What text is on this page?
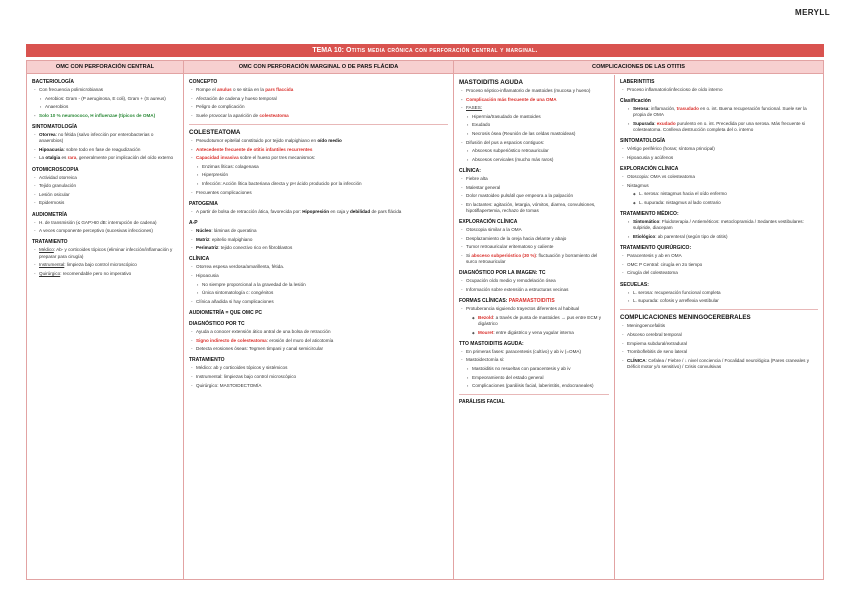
MERYLL
TEMA 10: Otitis media crónica con perforación central y marginal.
OMC CON PERFORACIÓN CENTRAL	OMC CON PERFORACIÓN MARGINAL O DE PARS FLÁCIDA	COMPLICACIONES DE LAS OTITIS
BACTERIOLOGÍA
- Con frecuencia polimicrobianas
▪ Aerobios: Gram - (P aeruginosa, E coli), Gram + (S aureus)
▪ Anaerobios
- Solo 10 % neumococo, H influenzae (típicos de OMA)
SINTOMATOLOGÍA
- Otorrea: no fétida (salvo infección por enterobacterias o anaerobios)
- Hipoacusia: sobre todo en fase de reagudización
- La otalgia es rara, generalmente por implicación del oído externo
OTOMICROSCOPIA
- Actividad otorreica
- Tejido granulación
- Lesión osicular
- Epidermosis
AUDIOMETRÍA
- H. de transmisión (≤ GAP>60 dB: interrupción de cadena)
- A veces componente perceptivo (sucesivas infecciones)
TRATAMIENTO
- Médico: Ab- y corticoides tópicos (eliminar infección/inflamación y preparar para cirugía)
- Instrumental: limpieza bajo control microscópico
- Quirúrgico: recomendable pero no imperativo
CONCEPTO
- Rompe el anulus o se sitúa en la pars flaccida
- Afectación de cadena y hueso temporal
- Peligro de complicación
- Suele provocar la aparición de colesteatoma
COLESTEATOMA
- Pseudotumor epitelial constituido por tejido malpighiano en oído medio
- Antecedente frecuente de otitis infantiles recurrentes
- Capacidad invasiva sobre el hueso por tres mecanismos:
▪ Enzimas líticas: colagenasa
▪ Hiperpresión
▪ Infección: Acción lítica bacteriana directa y pH ácido producido por la infección
- Frecuentes complicaciones
PATOGENIA
- A partir de bolsa de retracción ática, favorecida por: Hipopresión en caja y debilidad de pars flácida
A-P
- Núcleo: láminas de queratina
- Matriz: epitelio malpighiano
- Perimatriz: tejido conectivo rico en fibroblastos
CLÍNICA
- Otorrea espesa verdosa/amarillenta, fétida.
- Hipoacusia
▪ No siempre proporcional a la gravedad de la lesión
▪ Única sintomatología c: congénitos
- Clínica añadida si hay complicaciones
AUDIOMETRÍA = QUE OMC PC
DIAGNÓSTICO POR TC
- Ayuda a conocer extensión ático antral de una bolsa de retracción
- Signo indirecto de colesteatoma: erosión del muro del aticotomía
- Detecta erosiones óseas: Tegmen timpani y canal semicircular
TRATAMIENTO
- Médico: ab y corticoides tópicos y sistémicos
- Instrumental: limpiezas bajo control microscópico
- Quirúrgico: MASTOIDECTOMÍA
MASTOIDITIS AGUDA
- Proceso séptico-inflamatorio de mastoides (mucosa y hueso)
- Complicación más frecuente de una OMA
- FASES:
▪ Hipermia/trasudado de mastoides
▪ Exudado
▪ Necrosis ósea (Reunión de las celdas mastoideas)
- Difusión del pus a espacios contiguos:
▪ Abscesos subperióstico retroauricular
▪ Abscesos cervicales (mucho más raros)
CLÍNICA:
- Fiebre alta
- Malestar general
- Dolor mastoideo pulsátil que empeora a la palpación
- En lactantes: agitación, letargia, vómitos, diarrea, convulsiones, hipotiflapertemia, rechazo de tomas
EXPLORACIÓN CLÍNICA
- Otoscopia similar a la OMA
- Desplazamiento de la oreja hacia delante y abajo
- Tumor retroauricular eritematoso y caliente
- Si absceso subperióstico (30 %): fluctuación y borramiento del surco retroauricular
DIAGNÓSTICO POR LA IMAGEN: TC
- Ocupación oído medio y remodelación ósea
- Información sobre extensión a estructuras vecinas
FORMAS CLÍNICAS: PARAMASTOIDITIS
- Protuberancia siguiendo trayectos diferentes al habitual
◆ Bezold: a través de punta de mastoides → pus entre ECM y digástrico
◆ Mouret: entre digástrico y vena yugular interna
TTO MASTOIDITIS AGUDA:
- En primeras fases: paracentesis (cultivo) y ab iv (=OMA)
- Mastoidectomía si:
▪ Mastoiditis no resueltas con paracentesis y ab iv
▪ Empeoramiento del estado general
▪ Complicaciones (parálisis facial, laberintitis, endocraneales)
PARÁLISIS FACIAL
LABERINTITIS
- Proceso inflamatorio/infeccioso de oído interno
Clasificación
▪ Serosa: inflamación, trasudado en o. int. Buena recuperación funcional. Suele ser la propia de OMA
▪ Supurada: exudado purulento en o. int. Precedida por una serosa. Más frecuente si colesteatoma. Conlleva destrucción completa del o. interno
SINTOMATOLOGÍA
- Vértigo periférico (horas; síntoma principal)
- Hipoacusia y acúfenos
EXPLORACIÓN CLÍNICA
- Otoscopia: OMA vs colesteatoma
- Nistagmus
◆ L. serosa: nistagmus hacia el oído enfermo
◆ L. supurada: nistagmus al lado contrario
TRATAMIENTO MÉDICO:
▪ Sintomático: Fluidoterapia / Antieméticos: metoclopramida / Sedantes vestibulares: sulpiride, diacepam
▪ Etiológico: ab parenteral (según tipo de otitis)
TRATAMIENTO QUIRÚRGICO:
- Paracentesis y ab en OMA
- OMC P Central: cirugía en 2o tiempo
- Cirugía del colesteatoma
SECUELAS:
▪ L. serosa: recuperación funcional completa
▪ L. supurada: cofosis y arreflexia vestibular
COMPLICACIONES MENINGOCEREBRALES
- Meningoencefalitis
- Absceso cerebral temporal
- Empiema subdural/extradural
- Tromboflebitis de seno lateral
- CLÍNICA: Cefalea / Fiebre / ↓ nivel conciencia / Focalidad neurológica (Pares craneales y Déficit motor y/o sensitivo) / Crisis convulsivas
